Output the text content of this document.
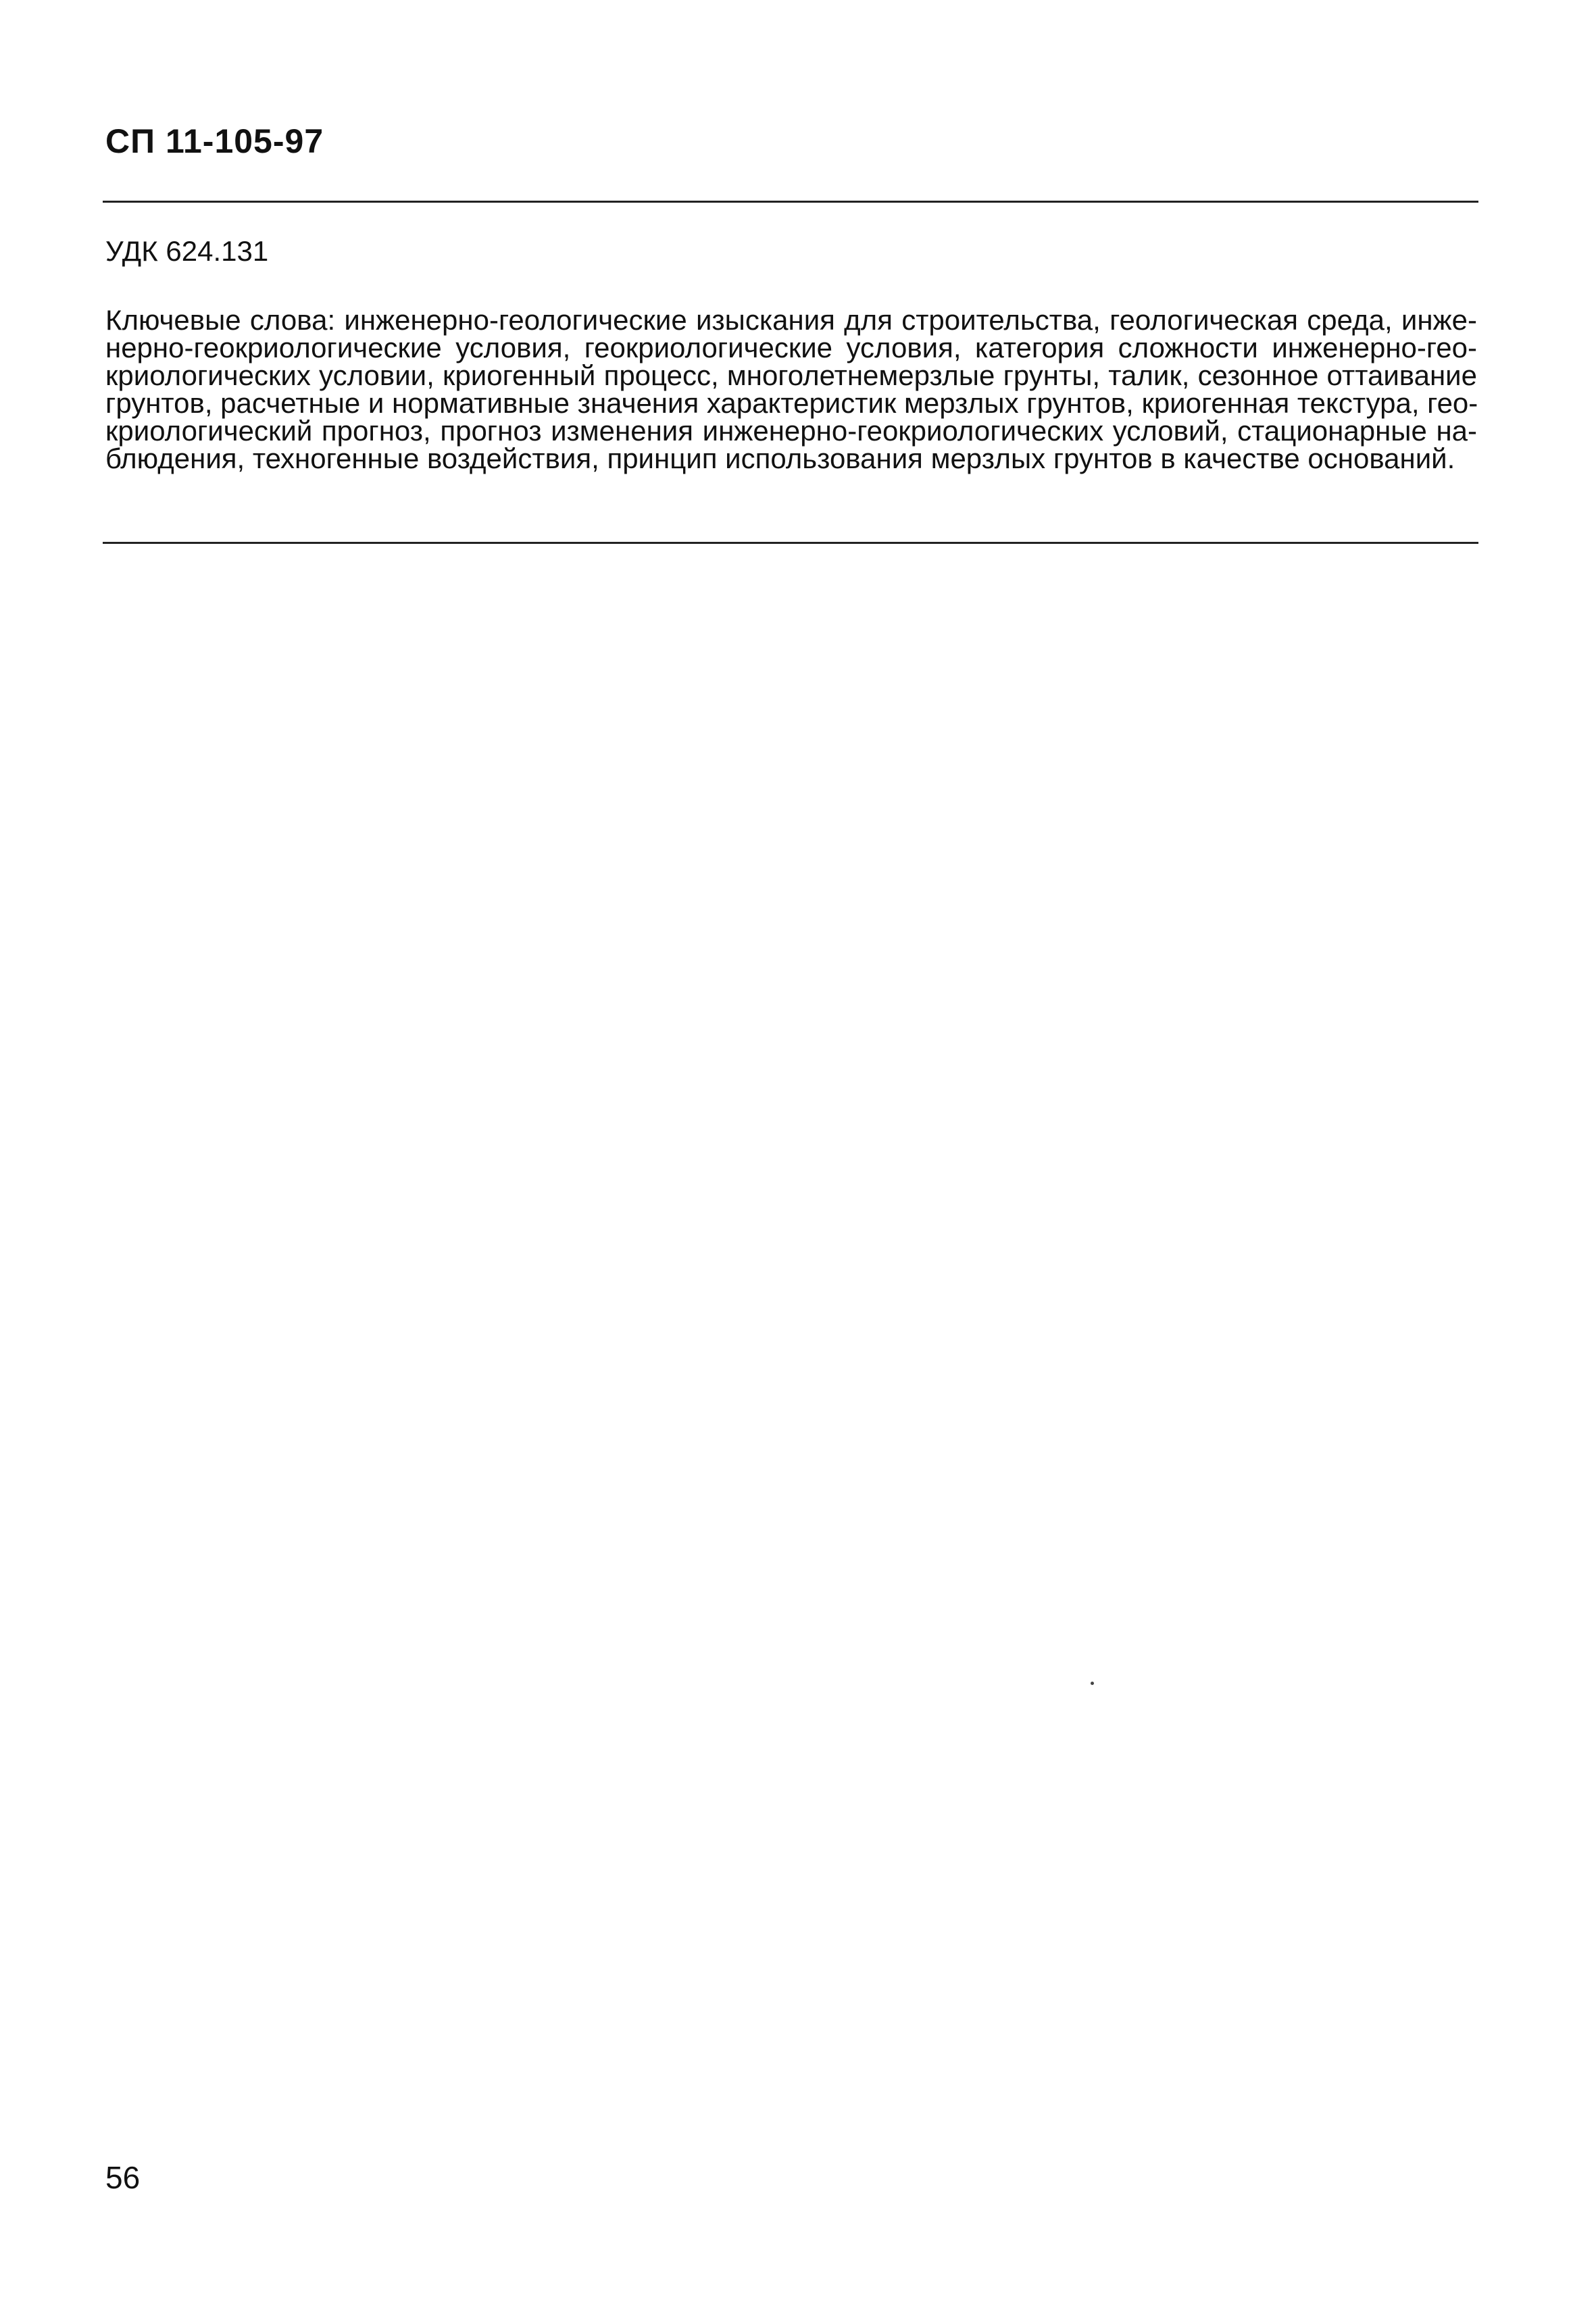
СП 11-105-97
УДК 624.131
Ключевые слова: инженерно-геологические изыскания для строительства, геологическая среда, инже-
нерно-геокриологические условия, геокриологические условия, категория сложности инженерно-гео-
криологических условии, криогенный процесс, многолетнемерзлые грунты, талик, сезонное оттаивание
грунтов, расчетные и нормативные значения характеристик мерзлых грунтов, криогенная текстура, гео-
криологический прогноз, прогноз изменения инженерно-геокриологических условий, стационарные на-
блюдения, техногенные воздействия, принцип использования мерзлых грунтов в качестве оснований.
56
